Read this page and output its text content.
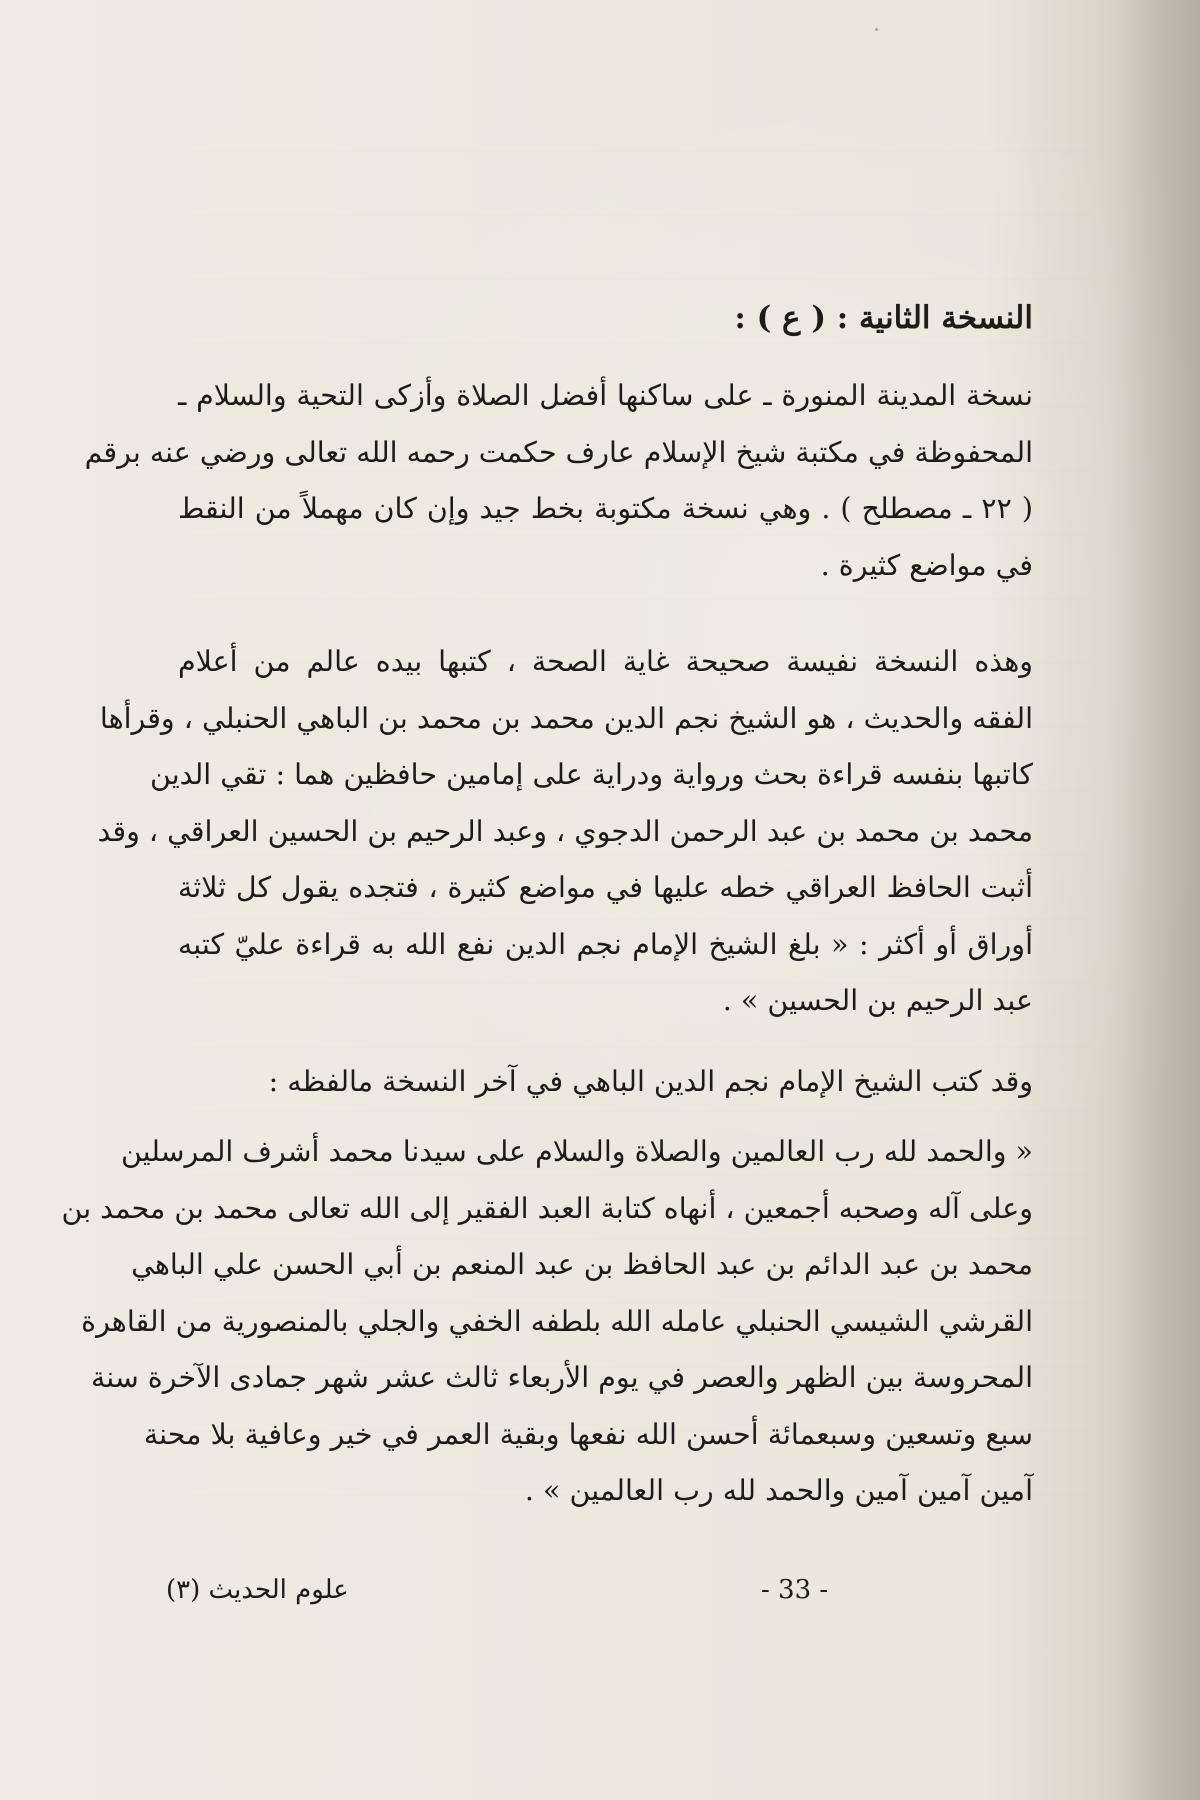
النسخة الثانية : ( ع ) :
نسخة المدينة المنورة ـ على ساكنها أفضل الصلاة وأزكى التحية والسلام ـ
المحفوظة في مكتبة شيخ الإسلام عارف حكمت رحمه الله تعالى ورضي عنه برقم
( ٢٢ ـ مصطلح ) . وهي نسخة مكتوبة بخط جيد وإن كان مهملاً من النقط
في مواضع كثيرة .
وهذه النسخة نفيسة صحيحة غاية الصحة ، كتبها بيده عالم من أعلام
الفقه والحديث ، هو الشيخ نجم الدين محمد بن محمد بن الباهي الحنبلي ، وقرأها
كاتبها بنفسه قراءة بحث ورواية ودراية على إمامين حافظين هما : تقي الدين
محمد بن محمد بن عبد الرحمن الدجوي ، وعبد الرحيم بن الحسين العراقي ، وقد
أثبت الحافظ العراقي خطه عليها في مواضع كثيرة ، فتجده يقول كل ثلاثة
أوراق أو أكثر : « بلغ الشيخ الإمام نجم الدين نفع الله به قراءة عليّ كتبه
عبد الرحيم بن الحسين » .
وقد كتب الشيخ الإمام نجم الدين الباهي في آخر النسخة مالفظه :
« والحمد لله رب العالمين والصلاة والسلام على سيدنا محمد أشرف المرسلين
وعلى آله وصحبه أجمعين ، أنهاه كتابة العبد الفقير إلى الله تعالى محمد بن محمد بن
محمد بن عبد الدائم بن عبد الحافظ بن عبد المنعم بن أبي الحسن علي الباهي
القرشي الشيسي الحنبلي عامله الله بلطفه الخفي والجلي بالمنصورية من القاهرة
المحروسة بين الظهر والعصر في يوم الأربعاء ثالث عشر شهر جمادى الآخرة سنة
سبع وتسعين وسبعمائة أحسن الله نفعها وبقية العمر في خير وعافية بلا محنة
آمين آمين آمين والحمد لله رب العالمين » .
- 33 -
علوم الحديث (٣)
